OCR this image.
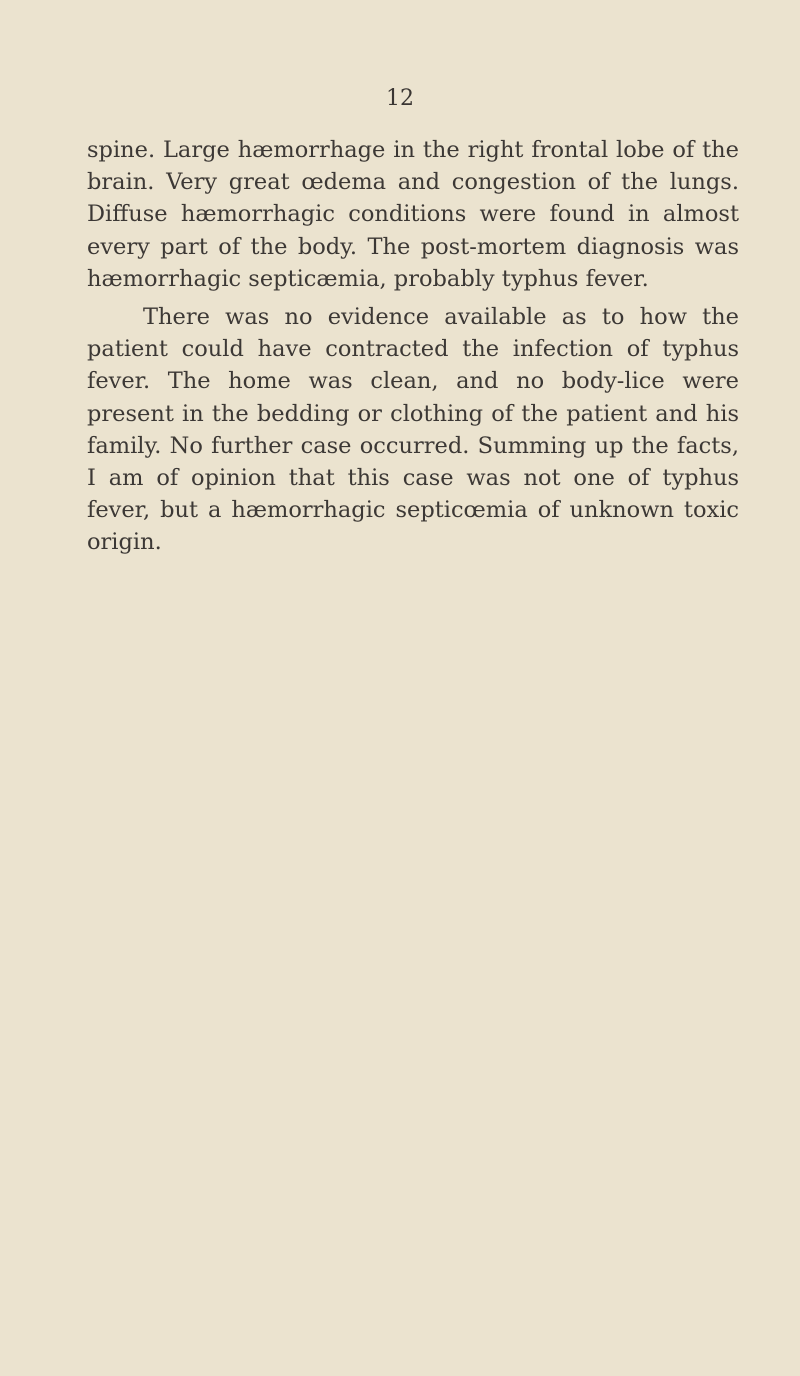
12

spine. Large hæmorrhage in the right frontal lobe of the brain. Very great œdema and congestion of the lungs. Diffuse hæmorrhagic conditions were found in almost every part of the body. The post-mortem diagnosis was hæmorrhagic septicæmia, probably typhus fever.

There was no evidence available as to how the patient could have contracted the infection of typhus fever. The home was clean, and no body-lice were present in the bedding or clothing of the patient and his family. No further case occurred. Summing up the facts, I am of opinion that this case was not one of typhus fever, but a hæmorrhagic septicœmia of unknown toxic origin.
